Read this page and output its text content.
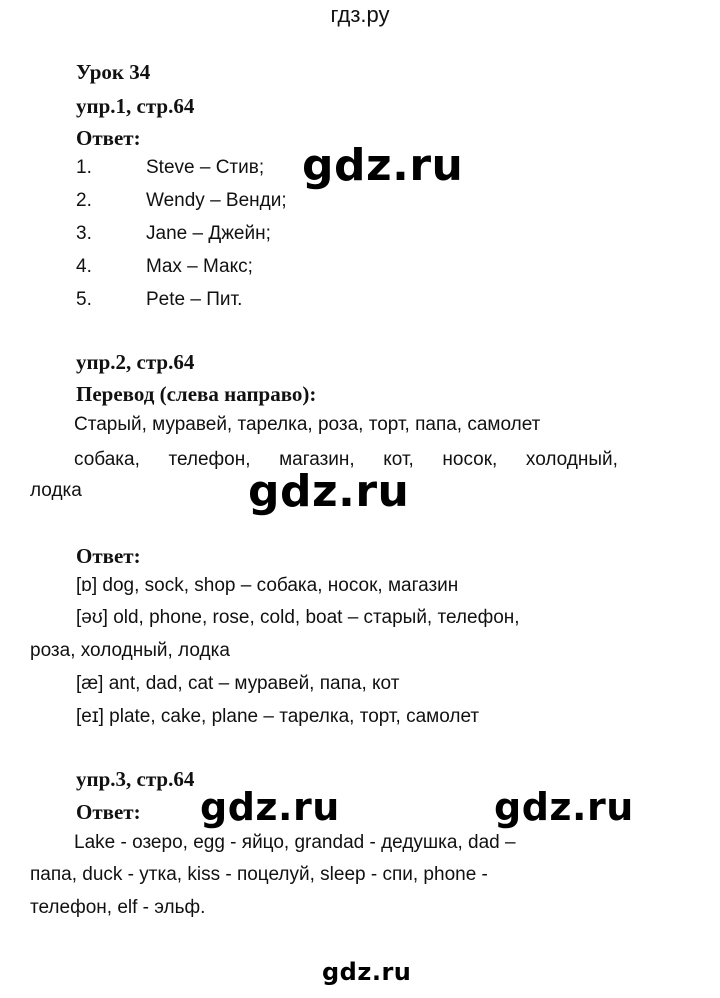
гдз.ру
Урок 34
упр.1, стр.64
Ответ:
1.	Steve – Стив;
2.	Wendy – Венди;
3.	Jane – Джейн;
4.	Max – Макс;
5.	Pete – Пит.
gdz.ru
упр.2, стр.64
Перевод (слева направо):
Старый, муравей, тарелка, роза, торт, папа, самолет
собака, телефон, магазин, кот, носок, холодный,
лодка	gdz.ru
Ответ:
[ɒ] dog, sock, shop – собака, носок, магазин
[əʊ] old, phone, rose, cold, boat – старый, телефон,
роза, холодный, лодка
[æ] ant, dad, cat – муравей, папа, кот
[eɪ] plate, cake, plane – тарелка, торт, самолет
упр.3, стр.64
Ответ: gdz.ru	gdz.ru
Lake - озеро, egg - яйцо, grandad - дедушка, dad –
папа, duck - утка, kiss - поцелуй, sleep - спи, phone -
телефон, elf - эльф.
gdz.ru
